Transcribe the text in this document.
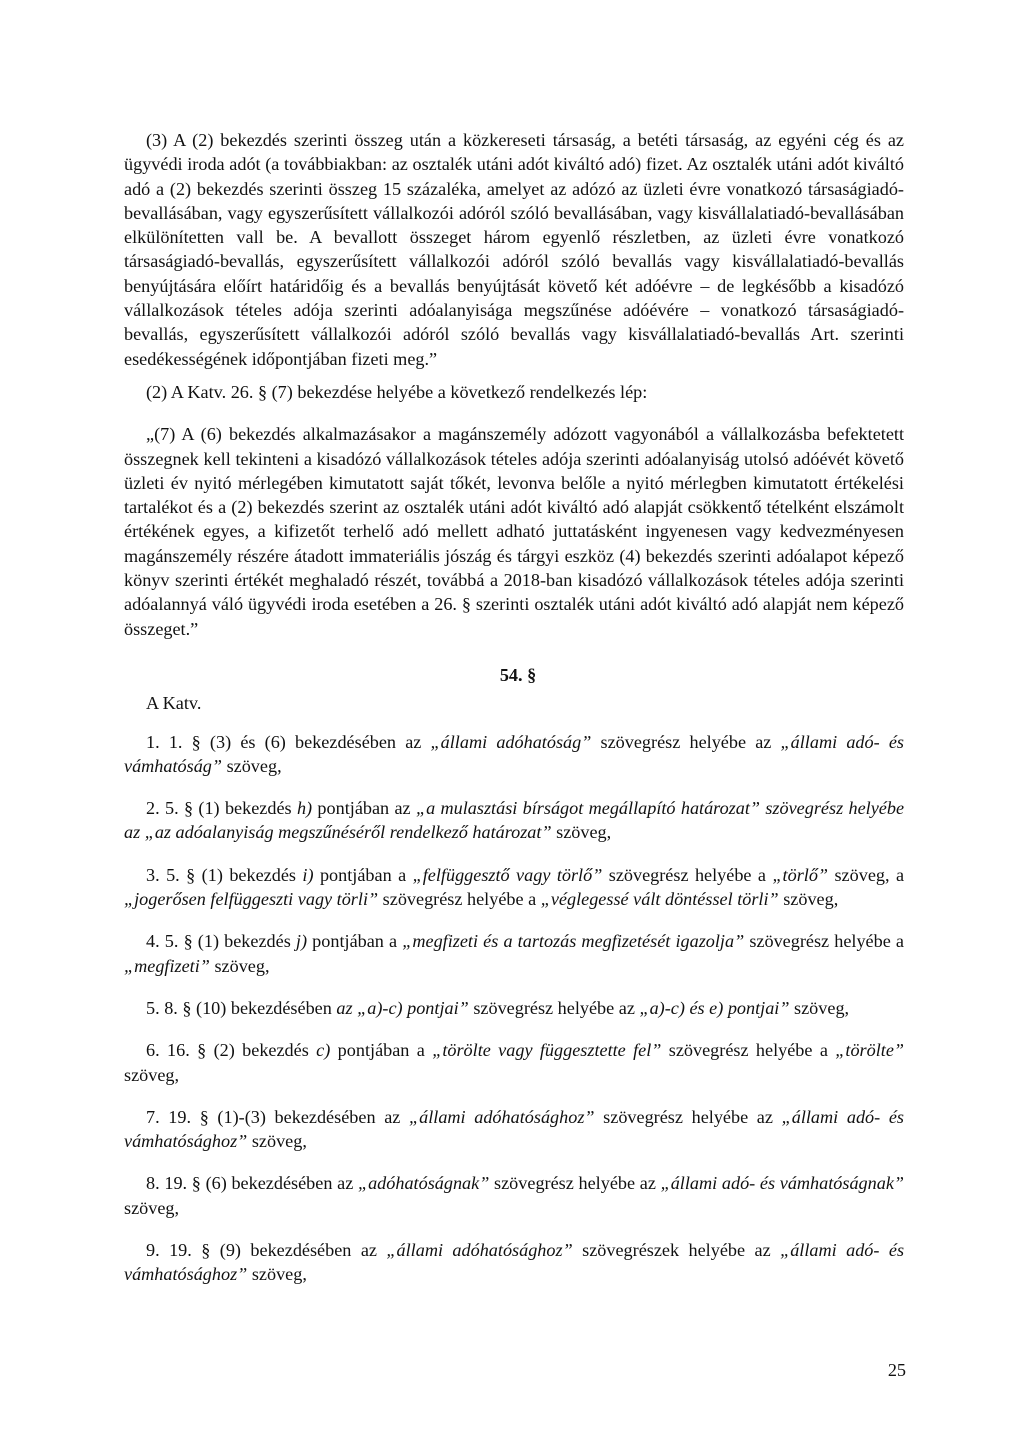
(3) A (2) bekezdés szerinti összeg után a közkereseti társaság, a betéti társaság, az egyéni cég és az ügyvédi iroda adót (a továbbiakban: az osztalék utáni adót kiváltó adó) fizet. Az osztalék utáni adót kiváltó adó a (2) bekezdés szerinti összeg 15 százaléka, amelyet az adózó az üzleti évre vonatkozó társaságiadó-bevallásában, vagy egyszerűsített vállalkozói adóról szóló bevallásában, vagy kisvállalatiadó-bevallásában elkülönítetten vall be. A bevallott összeget három egyenlő részletben, az üzleti évre vonatkozó társaságiadó-bevallás, egyszerűsített vállalkozói adóról szóló bevallás vagy kisvállalatiadó-bevallás benyújtására előírt határidőig és a bevallás benyújtását követő két adóévre – de legkésőbb a kisadózó vállalkozások tételes adója szerinti adóalanyisága megszűnése adóévére – vonatkozó társaságiadó-bevallás, egyszerűsített vállalkozói adóról szóló bevallás vagy kisvállalatiadó-bevallás Art. szerinti esedékességének időpontjában fizeti meg.”

(2) A Katv. 26. § (7) bekezdése helyébe a következő rendelkezés lép:

„(7) A (6) bekezdés alkalmazásakor a magánszemély adózott vagyonából a vállalkozásba befektetett összegnek kell tekinteni a kisadózó vállalkozások tételes adója szerinti adóalanyiság utolsó adóévét követő üzleti év nyitó mérlegében kimutatott saját tőkét, levonva belőle a nyitó mérlegben kimutatott értékelési tartalékot és a (2) bekezdés szerint az osztalék utáni adót kiváltó adó alapját csökkentő tételként elszámolt értékének egyes, a kifizetőt terhelő adó mellett adható juttatásként ingyenesen vagy kedvezményesen magánszemély részére átadott immateriális jószág és tárgyi eszköz (4) bekezdés szerinti adóalapot képező könyv szerinti értékét meghaladó részét, továbbá a 2018-ban kisadózó vállalkozások tételes adója szerinti adóalannyá váló ügyvédi iroda esetében a 26. § szerinti osztalék utáni adót kiváltó adó alapját nem képező összeget.”

54. §

A Katv.

1. 1. § (3) és (6) bekezdésében az „állami adóhatóság” szövegrész helyébe az „állami adó- és vámhatóság” szöveg,

2. 5. § (1) bekezdés h) pontjában az „a mulasztási bírságot megállapító határozat” szövegrész helyébe az „az adóalanyiság megszűnéséről rendelkező határozat” szöveg,

3. 5. § (1) bekezdés i) pontjában a „felfüggesztő vagy törlő” szövegrész helyébe a „törlő” szöveg, a „jogerősen felfüggeszti vagy törli” szövegrész helyébe a „véglegessé vált döntéssel törli” szöveg,

4. 5. § (1) bekezdés j) pontjában a „megfizeti és a tartozás megfizetését igazolja” szövegrész helyébe a „megfizeti” szöveg,

5. 8. § (10) bekezdésében az „a)-c) pontjai” szövegrész helyébe az „a)-c) és e) pontjai” szöveg,

6. 16. § (2) bekezdés c) pontjában a „törölte vagy függesztette fel” szövegrész helyébe a „törölte” szöveg,

7. 19. § (1)-(3) bekezdésében az „állami adóhatósághoz” szövegrész helyébe az „állami adó- és vámhatósághoz” szöveg,

8. 19. § (6) bekezdésében az „adóhatóságnak” szövegrész helyébe az „állami adó- és vámhatóságnak” szöveg,

9. 19. § (9) bekezdésében az „állami adóhatósághoz” szövegrészek helyébe az „állami adó- és vámhatósághoz” szöveg,

25
